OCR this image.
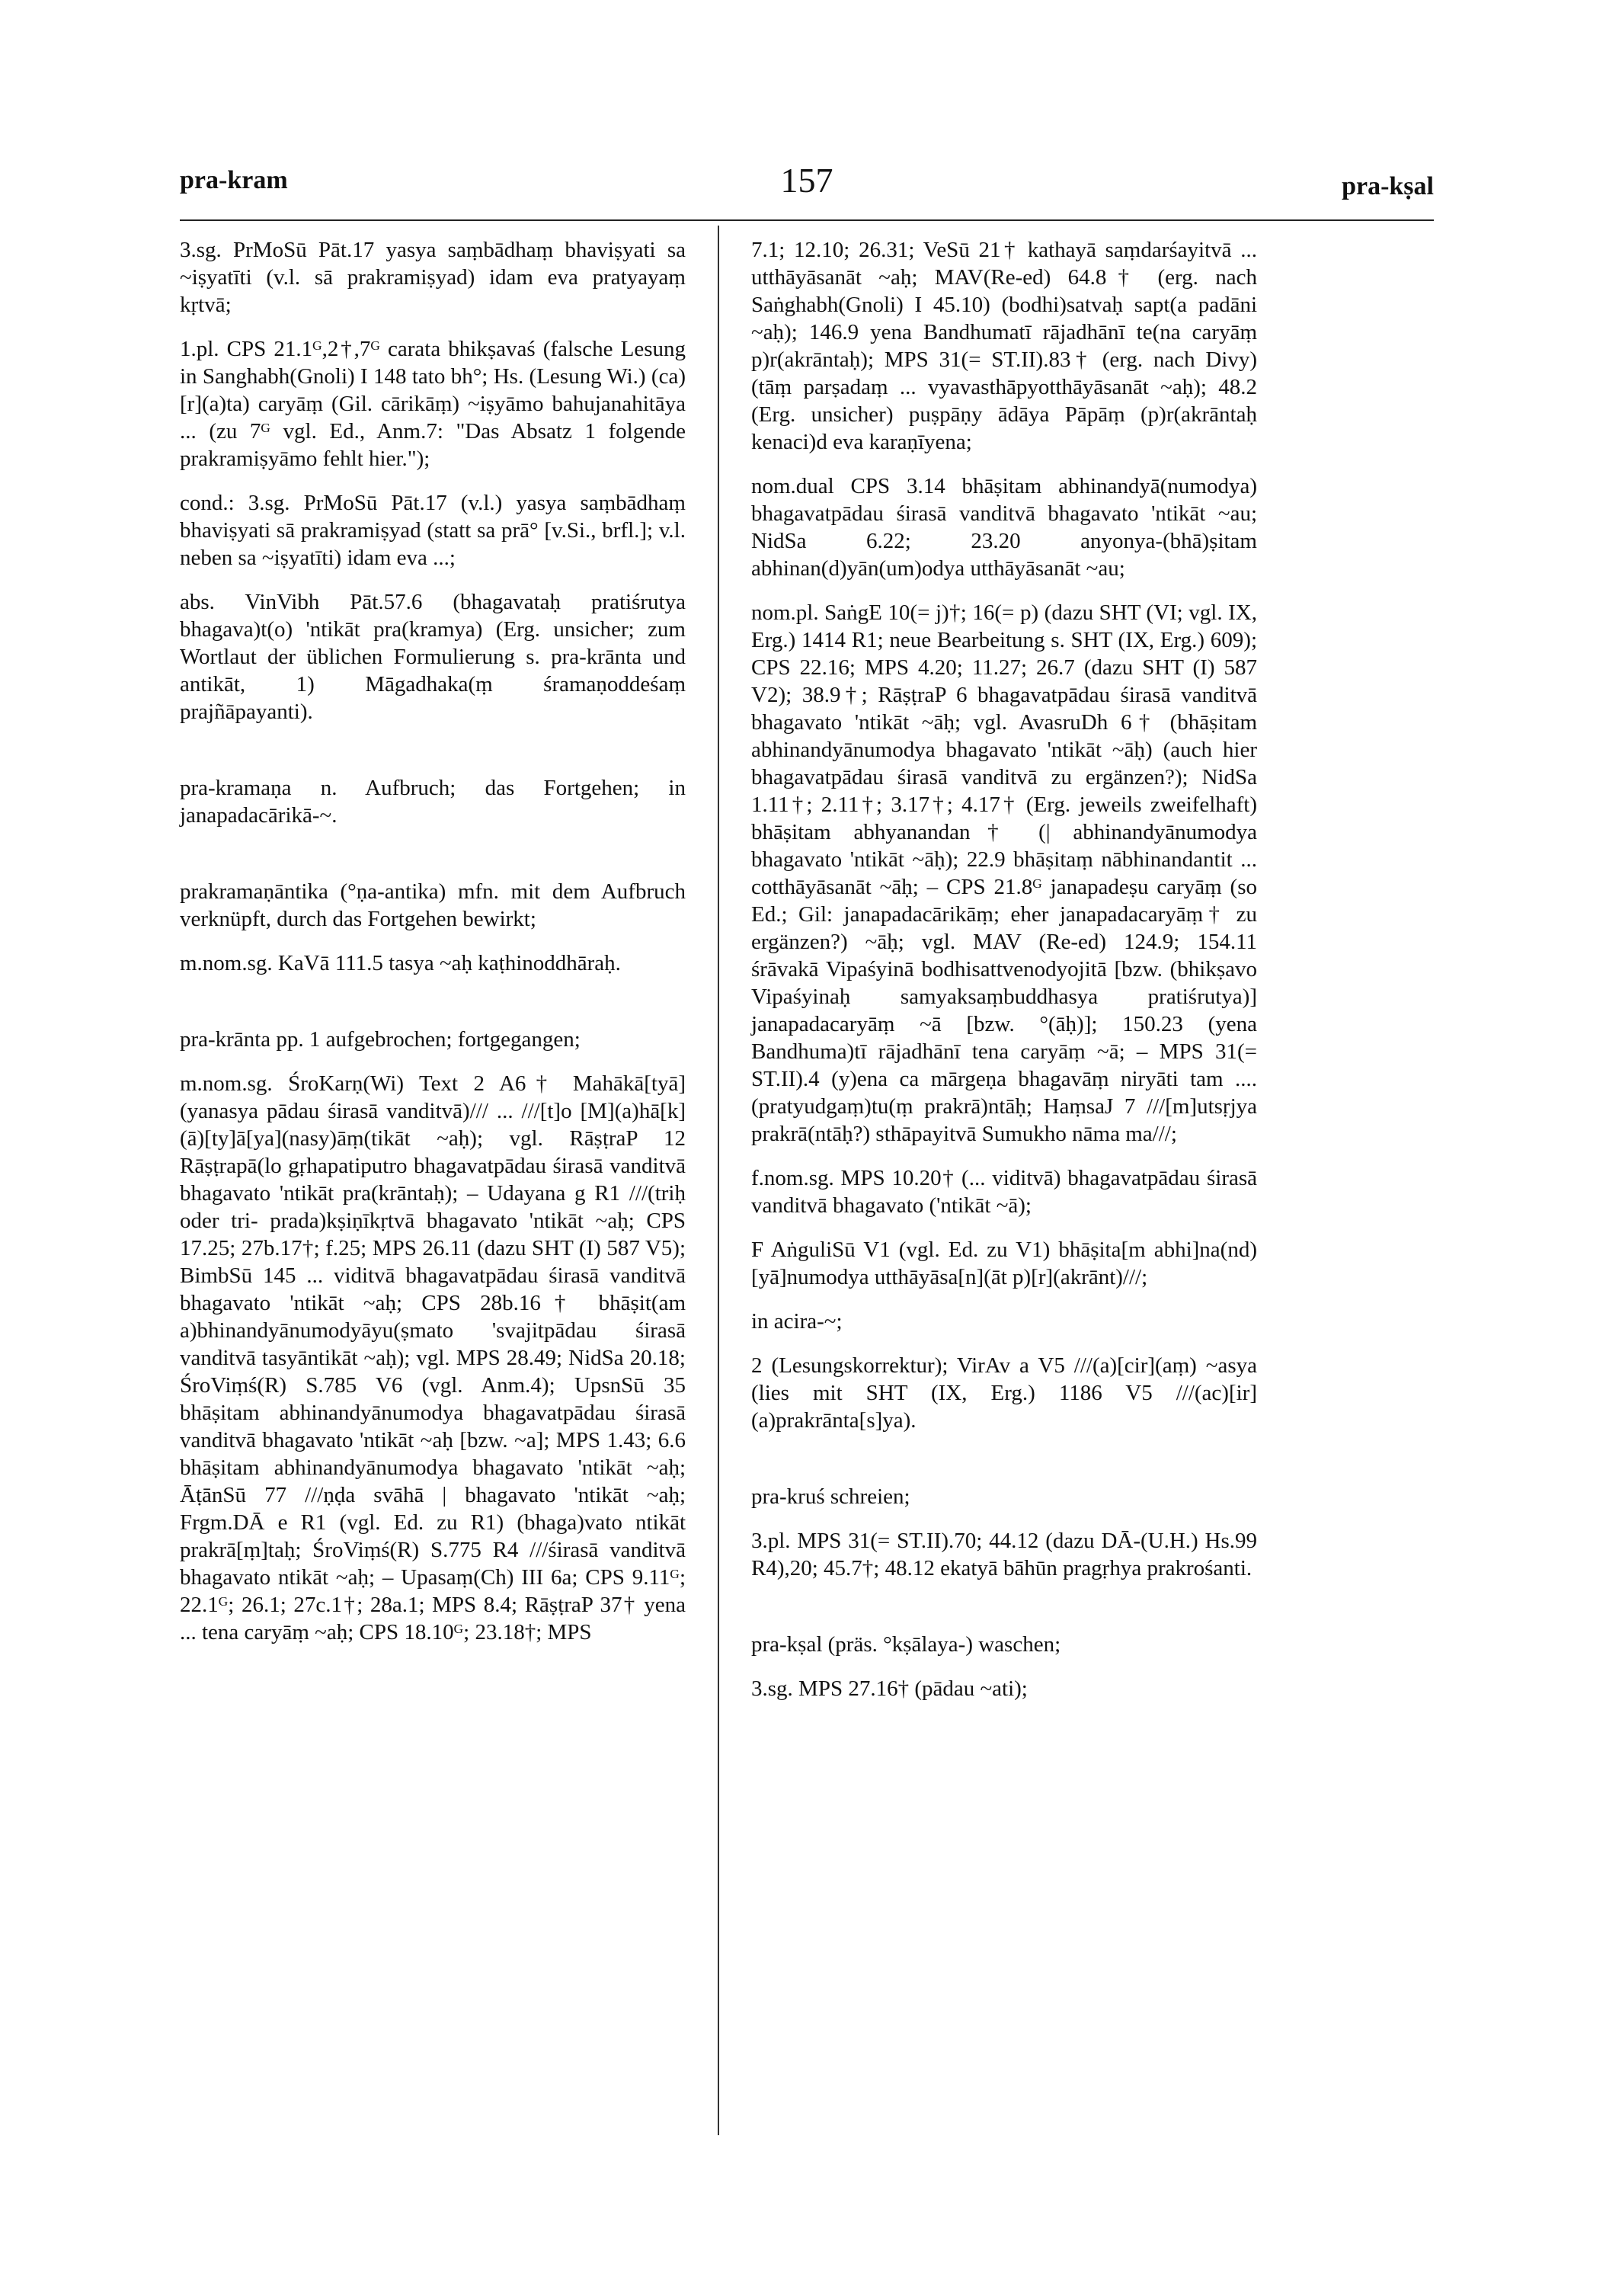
pra-kram	157	pra-kṣal

3.sg. PrMoSū Pāt.17 yasya saṃbādhaṃ bhaviṣyati sa ~iṣyatīti (v.l. sā prakramiṣyad) idam eva pratyayaṃ kṛtvā;

1.pl. CPS 21.1ᴳ,2†,7ᴳ carata bhikṣavaś (falsche Lesung in Sanghabh(Gnoli) I 148 tato bh°; Hs. (Lesung Wi.) (ca)[r](a)ta) caryāṃ (Gil. cārikāṃ) ~iṣyāmo bahujanahitāya ... (zu 7ᴳ vgl. Ed., Anm.7: "Das Absatz 1 folgende prakramiṣyāmo fehlt hier.");

cond.: 3.sg. PrMoSū Pāt.17 (v.l.) yasya saṃbādhaṃ bhaviṣyati sā prakramiṣyad (statt sa prā° [v.Si., brfl.]; v.l. neben sa ~iṣyatīti) idam eva ...;

abs. VinVibh Pāt.57.6 (bhagavataḥ pratiśrutya bhagava)t(o) 'ntikāt pra(kramya) (Erg. unsicher; zum Wortlaut der üblichen Formulierung s. pra-krānta und antikāt, 1) Māgadhaka(ṃ śramaṇoddeśaṃ prajñāpayanti).

pra-kramaṇa n. Aufbruch; das Fortgehen; in janapadacārikā-~.

prakramaṇāntika (°ṇa-antika) mfn. mit dem Aufbruch verknüpft, durch das Fortgehen bewirkt;

m.nom.sg. KaVā 111.5 tasya ~aḥ kaṭhinoddhāraḥ.

pra-krānta pp. 1 aufgebrochen; fortgegangen;

m.nom.sg. ŚroKarṇ(Wi) Text 2 A6† Mahākā[tyā](yanasya pādau śirasā vanditvā)/// ... ///[t]o [M](a)hā[k](ā)[ty]ā[ya](nasy)āṃ(tikāt ~aḥ); vgl. RāṣṭraP 12 Rāṣṭrapā(lo gṛhapatiputro bhagavatpādau śirasā vanditvā bhagavato 'ntikāt pra(krāntaḥ); – Udayana g R1 ///(triḥ oder tri- prada)kṣiṇīkṛtvā bhagavato 'ntikāt ~aḥ; CPS 17.25; 27b.17†; f.25; MPS 26.11 (dazu SHT (I) 587 V5); BimbSū 145 ... viditvā bhagavatpādau śirasā vanditvā bhagavato 'ntikāt ~aḥ; CPS 28b.16† bhāṣit(am a)bhinandyānumodyāyu(ṣmato 'svajitpādau śirasā vanditvā tasyāntikāt ~aḥ); vgl. MPS 28.49; NidSa 20.18; ŚroViṃś(R) S.785 V6 (vgl. Anm.4); UpsnSū 35 bhāṣitam abhinandyānumodya bhagavatpādau śirasā vanditvā bhagavato 'ntikāt ~aḥ [bzw. ~a]; MPS 1.43; 6.6 bhāṣitam abhinandyānumodya bhagavato 'ntikāt ~aḥ; ĀṭānSū 77 ///ṇḍa svāhā | bhagavato 'ntikāt ~aḥ; Frgm.DĀ e R1 (vgl. Ed. zu R1) (bhaga)vato ntikāt prakrā[ṃ]taḥ; ŚroViṃś(R) S.775 R4 ///śirasā vanditvā bhagavato ntikāt ~aḥ; – Upasaṃ(Ch) III 6a; CPS 9.11ᴳ; 22.1ᴳ; 26.1; 27c.1†; 28a.1; MPS 8.4; RāṣṭraP 37† yena ... tena caryāṃ ~aḥ; CPS 18.10ᴳ; 23.18†; MPS

7.1; 12.10; 26.31; VeSū 21† kathayā saṃdarśayitvā ... utthāyāsanāt ~aḥ; MAV(Re-ed) 64.8† (erg. nach Saṅghabh(Gnoli) I 45.10) (bodhi)satvaḥ sapt(a padāni ~aḥ); 146.9 yena Bandhumatī rājadhānī te(na caryāṃ p)r(akrāntaḥ); MPS 31(= ST.II).83† (erg. nach Divy) (tāṃ parṣadaṃ ... vyavasthāpyotthāyāsanāt ~aḥ); 48.2 (Erg. unsicher) puṣpāṇy ādāya Pāpāṃ (p)r(akrāntaḥ kenaci)d eva karaṇīyena;

nom.dual CPS 3.14 bhāṣitam abhinandyā(numodya) bhagavatpādau śirasā vanditvā bhagavato 'ntikāt ~au; NidSa 6.22; 23.20 anyonya-(bhā)ṣitam abhinan(d)yān(um)odya utthāyāsanāt ~au;

nom.pl. SaṅgE 10(= j)†; 16(= p) (dazu SHT (VI; vgl. IX, Erg.) 1414 R1; neue Bearbeitung s. SHT (IX, Erg.) 609); CPS 22.16; MPS 4.20; 11.27; 26.7 (dazu SHT (I) 587 V2); 38.9†; RāṣṭraP 6 bhagavatpādau śirasā vanditvā bhagavato 'ntikāt ~āḥ; vgl. AvasruDh 6† (bhāṣitam abhinandyānumodya bhagavato 'ntikāt ~āḥ) (auch hier bhagavatpādau śirasā vanditvā zu ergänzen?); NidSa 1.11†; 2.11†; 3.17†; 4.17† (Erg. jeweils zweifelhaft) bhāṣitam abhyanandan† (| abhinandyānumodya bhagavato 'ntikāt ~āḥ); 22.9 bhāṣitaṃ nābhinandantit ... cotthāyāsanāt ~āḥ; – CPS 21.8ᴳ janapadeṣu caryāṃ (so Ed.; Gil: janapadacārikāṃ; eher janapadacaryāṃ† zu ergänzen?) ~āḥ; vgl. MAV (Re-ed) 124.9; 154.11 śrāvakā Vipaśyinā bodhisattvenodyojitā [bzw. (bhikṣavo Vipaśyinaḥ samyaksaṃbuddhasya pratiśrutya)] janapadacaryāṃ ~ā [bzw. °(āḥ)]; 150.23 (yena Bandhuma)tī rājadhānī tena caryāṃ ~ā; – MPS 31(= ST.II).4 (y)ena ca mārgeṇa bhagavāṃ niryāti tam .... (pratyudgaṃ)tu(ṃ prakrā)ntāḥ; HaṃsaJ 7 ///[m]utsṛjya prakrā(ntāḥ?) sthāpayitvā Sumukho nāma ma///;

f.nom.sg. MPS 10.20† (... viditvā) bhagavatpādau śirasā vanditvā bhagavato ('ntikāt ~ā);

F AṅguliSū V1 (vgl. Ed. zu V1) bhāṣita[m abhi]na(nd)[yā]numodya utthāyāsa[n](āt p)[r](akrānt)///;

in acira-~;

2 (Lesungskorrektur); VirAv a V5 ///(a)[cir](aṃ) ~asya (lies mit SHT (IX, Erg.) 1186 V5 ///(ac)[ir](a)prakrānta[s]ya).

pra-kruś schreien;

3.pl. MPS 31(= ST.II).70; 44.12 (dazu DĀ-(U.H.) Hs.99 R4),20; 45.7†; 48.12 ekatyā bāhūn pragṛhya prakrośanti.

pra-kṣal (präs. °kṣālaya-) waschen;

3.sg. MPS 27.16† (pādau ~ati);
